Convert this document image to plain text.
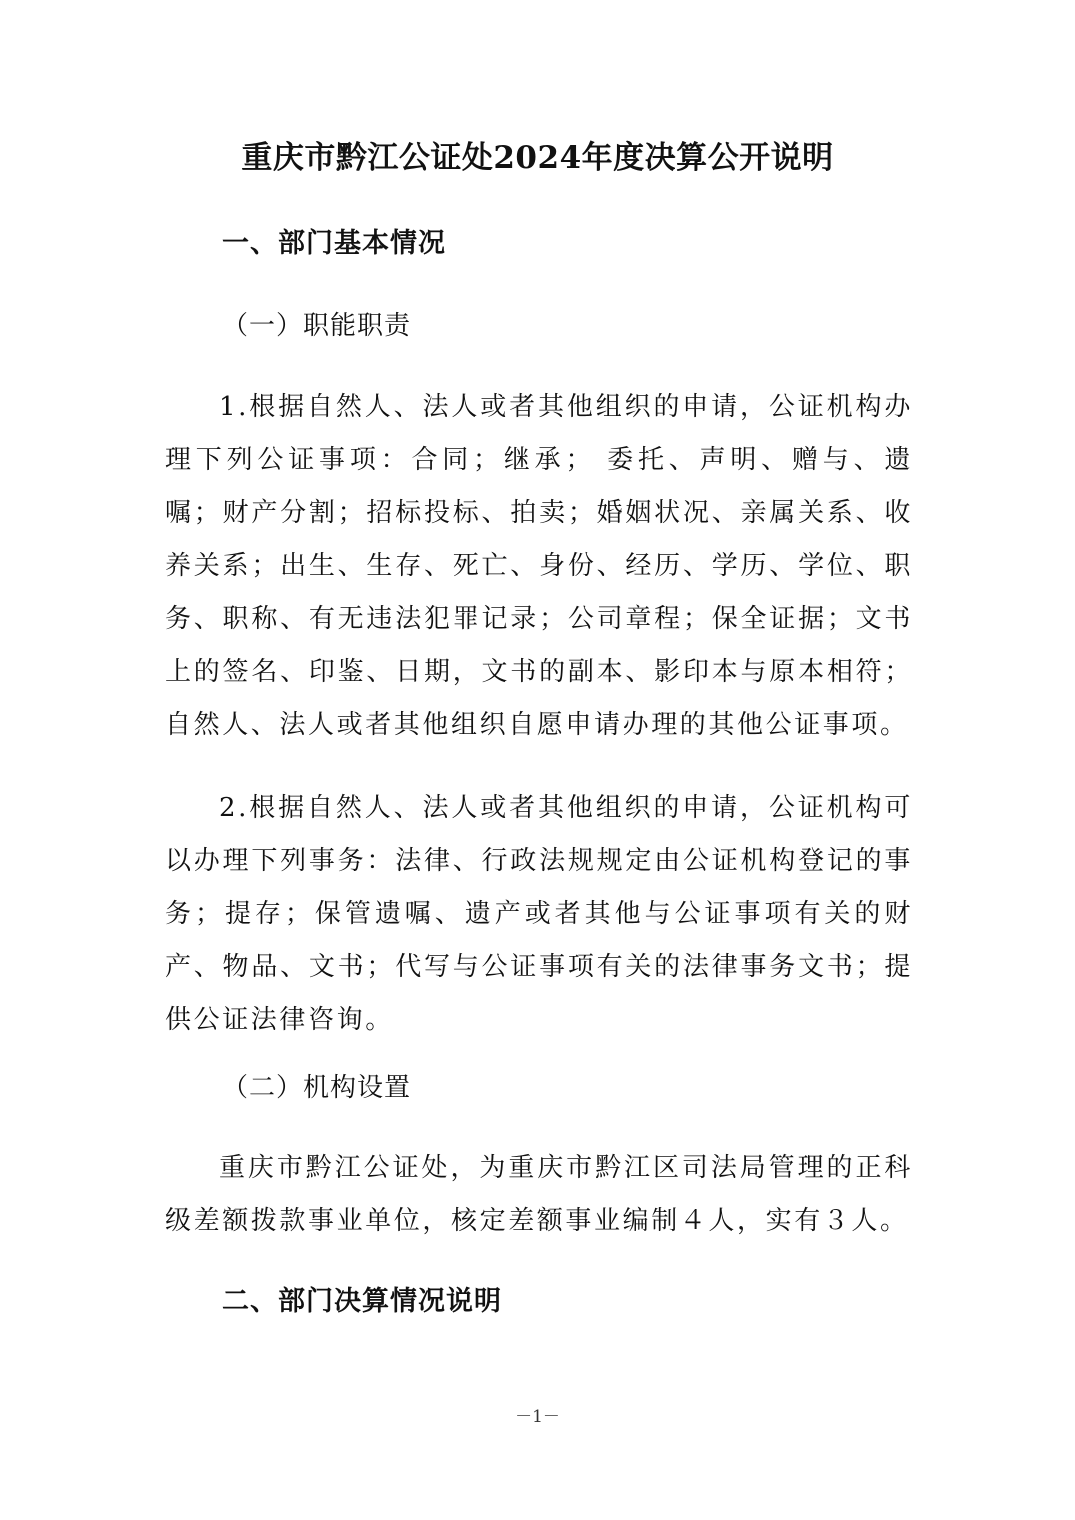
重庆市黔江公证处2024年度决算公开说明
一、部门基本情况
（一）职能职责

1.根据自然人、法人或者其他组织的申请，公证机构办理下列公证事项：合同；继承； 委托、声明、赠与、遗嘱；财产分割；招标投标、拍卖；婚姻状况、亲属关系、收养关系；出生、生存、死亡、身份、经历、学历、学位、职务、职称、有无违法犯罪记录；公司章程；保全证据；文书上的签名、印鉴、日期，文书的副本、影印本与原本相符；自然人、法人或者其他组织自愿申请办理的其他公证事项。

2.根据自然人、法人或者其他组织的申请，公证机构可以办理下列事务：法律、行政法规规定由公证机构登记的事务；提存；保管遗嘱、遗产或者其他与公证事项有关的财产、物品、文书；代写与公证事项有关的法律事务文书；提供公证法律咨询。

（二）机构设置

重庆市黔江公证处，为重庆市黔江区司法局管理的正科级差额拨款事业单位，核定差额事业编制４人，实有３人。

二、部门决算情况说明
－1－
